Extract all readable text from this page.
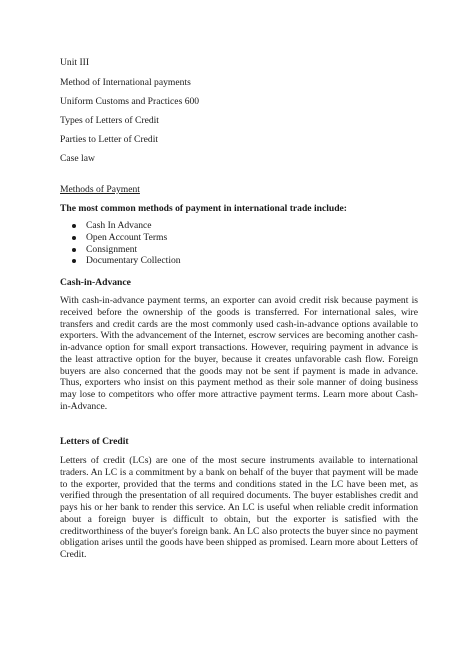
Unit III
Method of International payments
Uniform Customs and Practices 600
Types of Letters of Credit
Parties to Letter of Credit
Case law
Methods of Payment
The most common methods of payment in international trade include:
Cash In Advance
Open Account Terms
Consignment
Documentary Collection
Cash-in-Advance

With cash-in-advance payment terms, an exporter can avoid credit risk because payment is received before the ownership of the goods is transferred. For international sales, wire transfers and credit cards are the most commonly used cash-in-advance options available to exporters. With the advancement of the Internet, escrow services are becoming another cash-in-advance option for small export transactions. However, requiring payment in advance is the least attractive option for the buyer, because it creates unfavorable cash flow. Foreign buyers are also concerned that the goods may not be sent if payment is made in advance. Thus, exporters who insist on this payment method as their sole manner of doing business may lose to competitors who offer more attractive payment terms. Learn more about Cash-in-Advance.

Letters of Credit

Letters of credit (LCs) are one of the most secure instruments available to international traders. An LC is a commitment by a bank on behalf of the buyer that payment will be made to the exporter, provided that the terms and conditions stated in the LC have been met, as verified through the presentation of all required documents. The buyer establishes credit and pays his or her bank to render this service. An LC is useful when reliable credit information about a foreign buyer is difficult to obtain, but the exporter is satisfied with the creditworthiness of the buyer's foreign bank. An LC also protects the buyer since no payment obligation arises until the goods have been shipped as promised. Learn more about Letters of Credit.
